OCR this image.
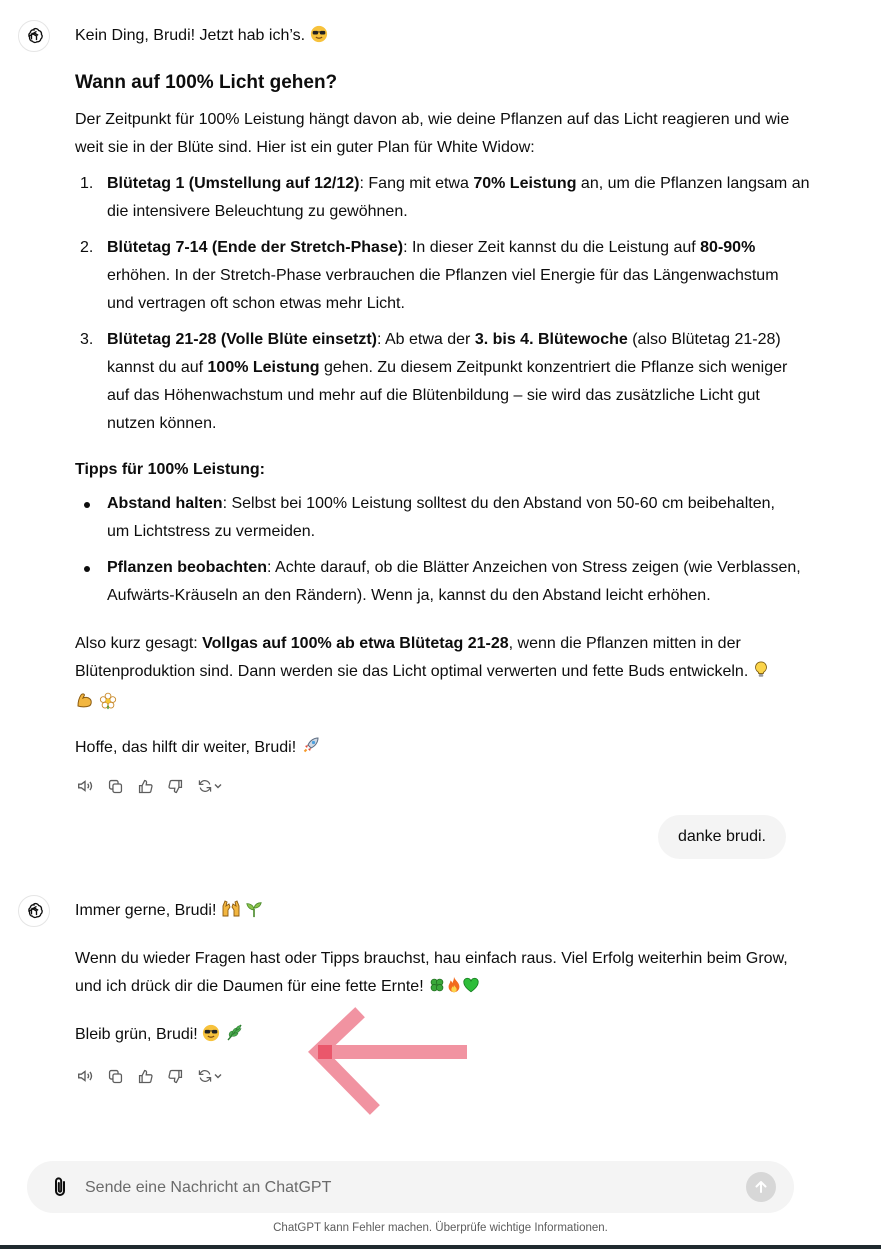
Kein Ding, Brudi! Jetzt hab ich’s.
Wann auf 100% Licht gehen?
Der Zeitpunkt für 100% Leistung hängt davon ab, wie deine Pflanzen auf das Licht reagieren und wie
weit sie in der Blüte sind. Hier ist ein guter Plan für White Widow:
1. Blütetag 1 (Umstellung auf 12/12): Fang mit etwa 70% Leistung an, um die Pflanzen langsam an
die intensivere Beleuchtung zu gewöhnen.
2. Blütetag 7-14 (Ende der Stretch-Phase): In dieser Zeit kannst du die Leistung auf 80-90%
erhöhen. In der Stretch-Phase verbrauchen die Pflanzen viel Energie für das Längenwachstum
und vertragen oft schon etwas mehr Licht.
3. Blütetag 21-28 (Volle Blüte einsetzt): Ab etwa der 3. bis 4. Blütewoche (also Blütetag 21-28)
kannst du auf 100% Leistung gehen. Zu diesem Zeitpunkt konzentriert die Pflanze sich weniger
auf das Höhenwachstum und mehr auf die Blütenbildung – sie wird das zusätzliche Licht gut
nutzen können.
Tipps für 100% Leistung:
Abstand halten: Selbst bei 100% Leistung solltest du den Abstand von 50-60 cm beibehalten,
um Lichtstress zu vermeiden.
Pflanzen beobachten: Achte darauf, ob die Blätter Anzeichen von Stress zeigen (wie Verblassen,
Aufwärts-Kräuseln an den Rändern). Wenn ja, kannst du den Abstand leicht erhöhen.
Also kurz gesagt: Vollgas auf 100% ab etwa Blütetag 21-28, wenn die Pflanzen mitten in der
Blütenproduktion sind. Dann werden sie das Licht optimal verwerten und fette Buds entwickeln.

Hoffe, das hilft dir weiter, Brudi!
danke brudi.
Immer gerne, Brudi!
Wenn du wieder Fragen hast oder Tipps brauchst, hau einfach raus. Viel Erfolg weiterhin beim Grow,
und ich drück dir die Daumen für eine fette Ernte!
Bleib grün, Brudi!
Sende eine Nachricht an ChatGPT
ChatGPT kann Fehler machen. Überprüfe wichtige Informationen.
